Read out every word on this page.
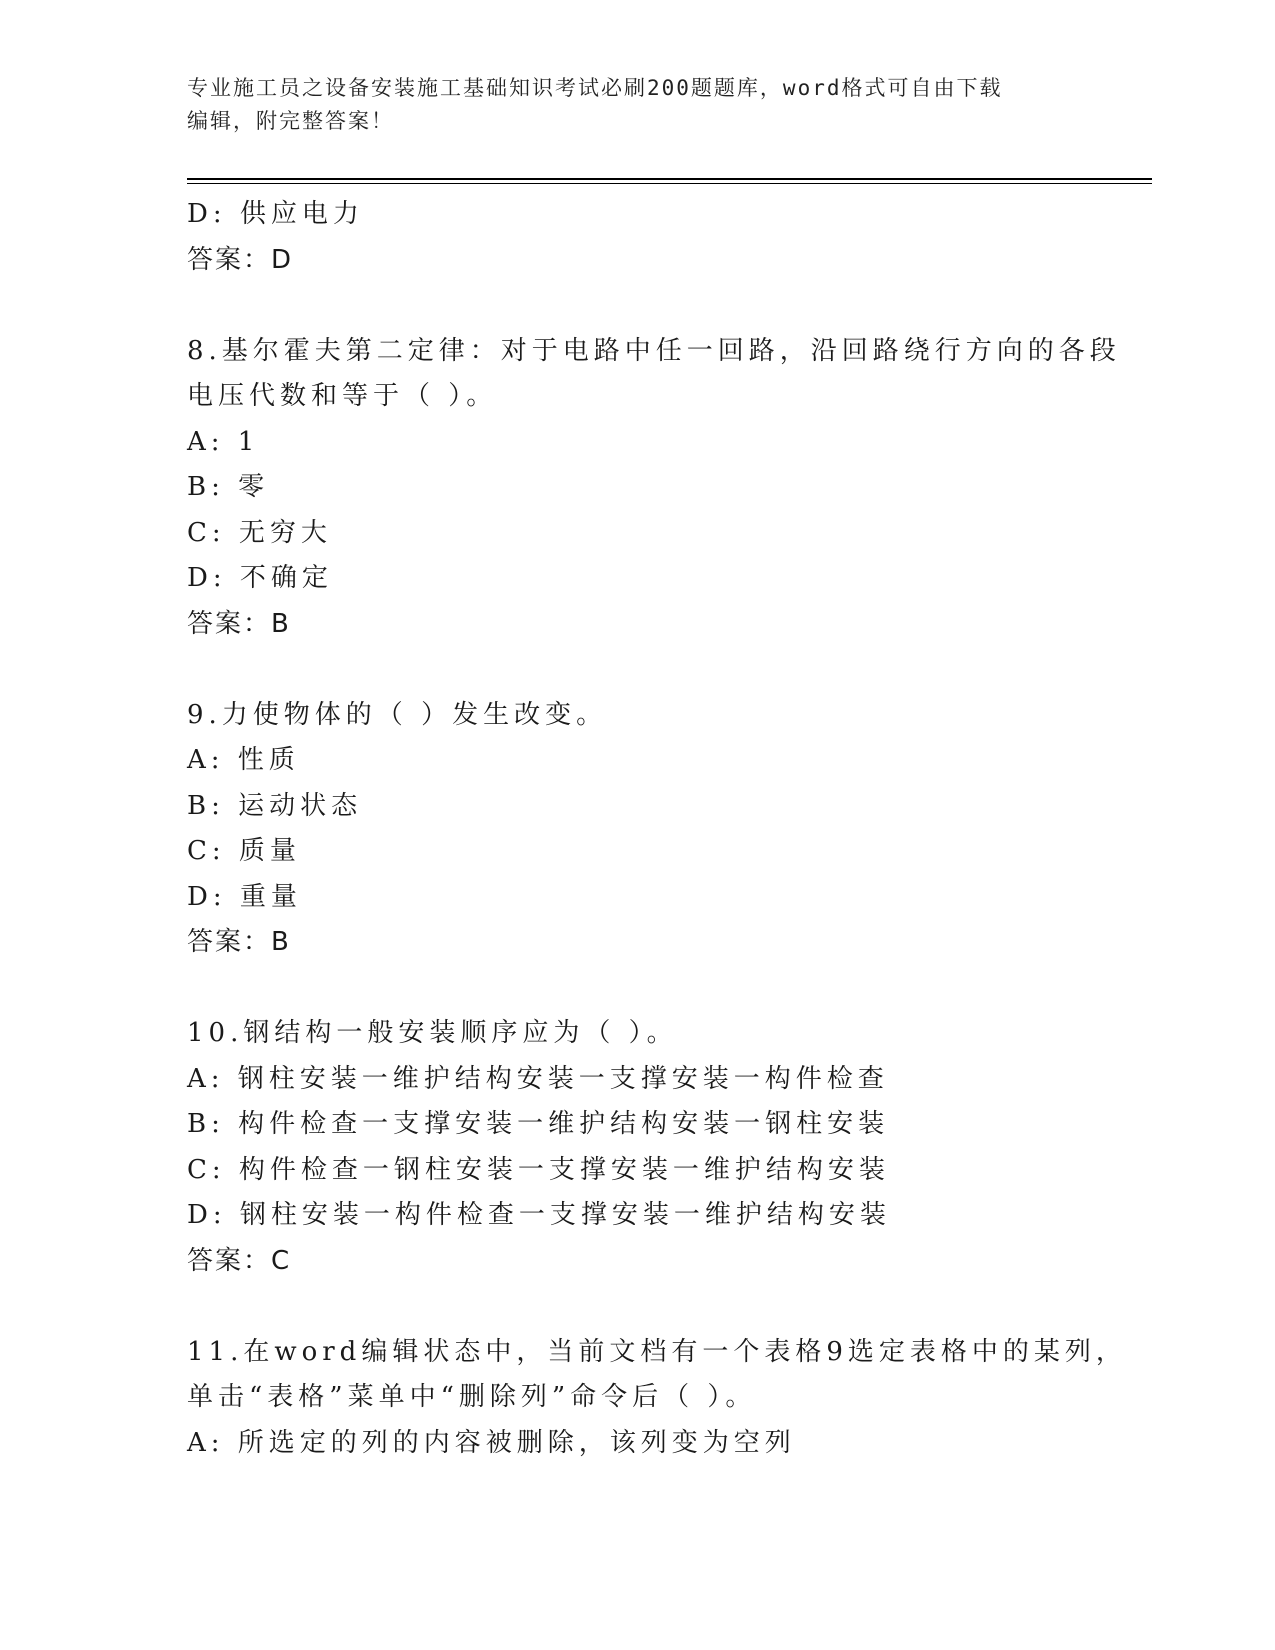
专业施工员之设备安装施工基础知识考试必刷200题题库，word格式可自由下载
编辑，附完整答案！
D: 供应电力
答案：D
8.基尔霍夫第二定律：对于电路中任一回路，沿回路绕行方向的各段
电压代数和等于（ ）。
A: 1
B: 零
C: 无穷大
D: 不确定
答案：B
9.力使物体的（ ）发生改变。
A: 性质
B: 运动状态
C: 质量
D: 重量
答案：B
10.钢结构一般安装顺序应为（ ）。
A: 钢柱安装一维护结构安装一支撑安装一构件检查
B: 构件检查一支撑安装一维护结构安装一钢柱安装
C: 构件检查一钢柱安装一支撑安装一维护结构安装
D: 钢柱安装一构件检查一支撑安装一维护结构安装
答案：C
11.在word编辑状态中，当前文档有一个表格9选定表格中的某列，
单击“表格”菜单中“删除列”命令后（ ）。
A: 所选定的列的内容被删除，该列变为空列
